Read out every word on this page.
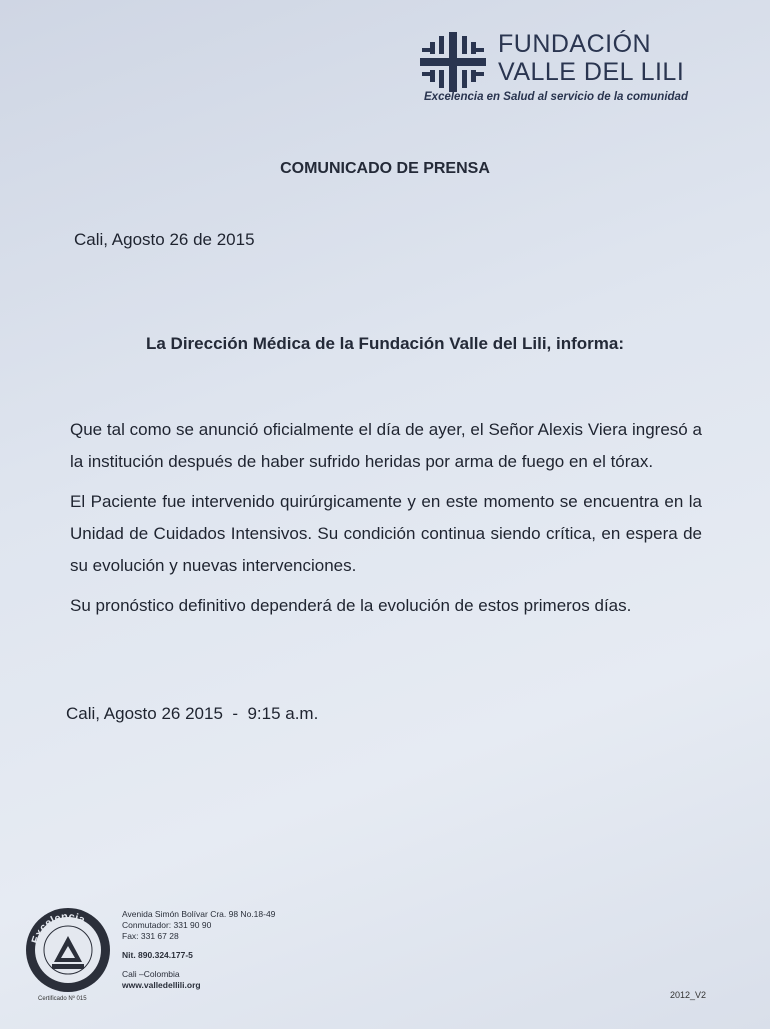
FUNDACIÓN
VALLE DEL LILI
Excelencia en Salud al servicio de la comunidad
COMUNICADO DE PRENSA
Cali, Agosto 26 de 2015
La Dirección Médica de la Fundación Valle del Lili, informa:

Que tal como se anunció oficialmente el día de ayer, el Señor Alexis Viera ingresó a la institución después de haber sufrido heridas por arma de fuego en el tórax.

El Paciente fue intervenido quirúrgicamente y en este momento se encuentra en la Unidad de Cuidados Intensivos. Su condición continua siendo crítica, en espera de su evolución y nuevas intervenciones.

Su pronóstico definitivo dependerá de la evolución de estos primeros días.

Cali, Agosto 26 2015  -  9:15 a.m.
Excelencia
Certificado Nº 015
Avenida Simón Bolívar Cra. 98 No.18-49
Conmutador: 331 90 90
Fax: 331 67 28
Nit. 890.324.177-5
Cali –Colombia
www.valledellili.org
2012_V2
